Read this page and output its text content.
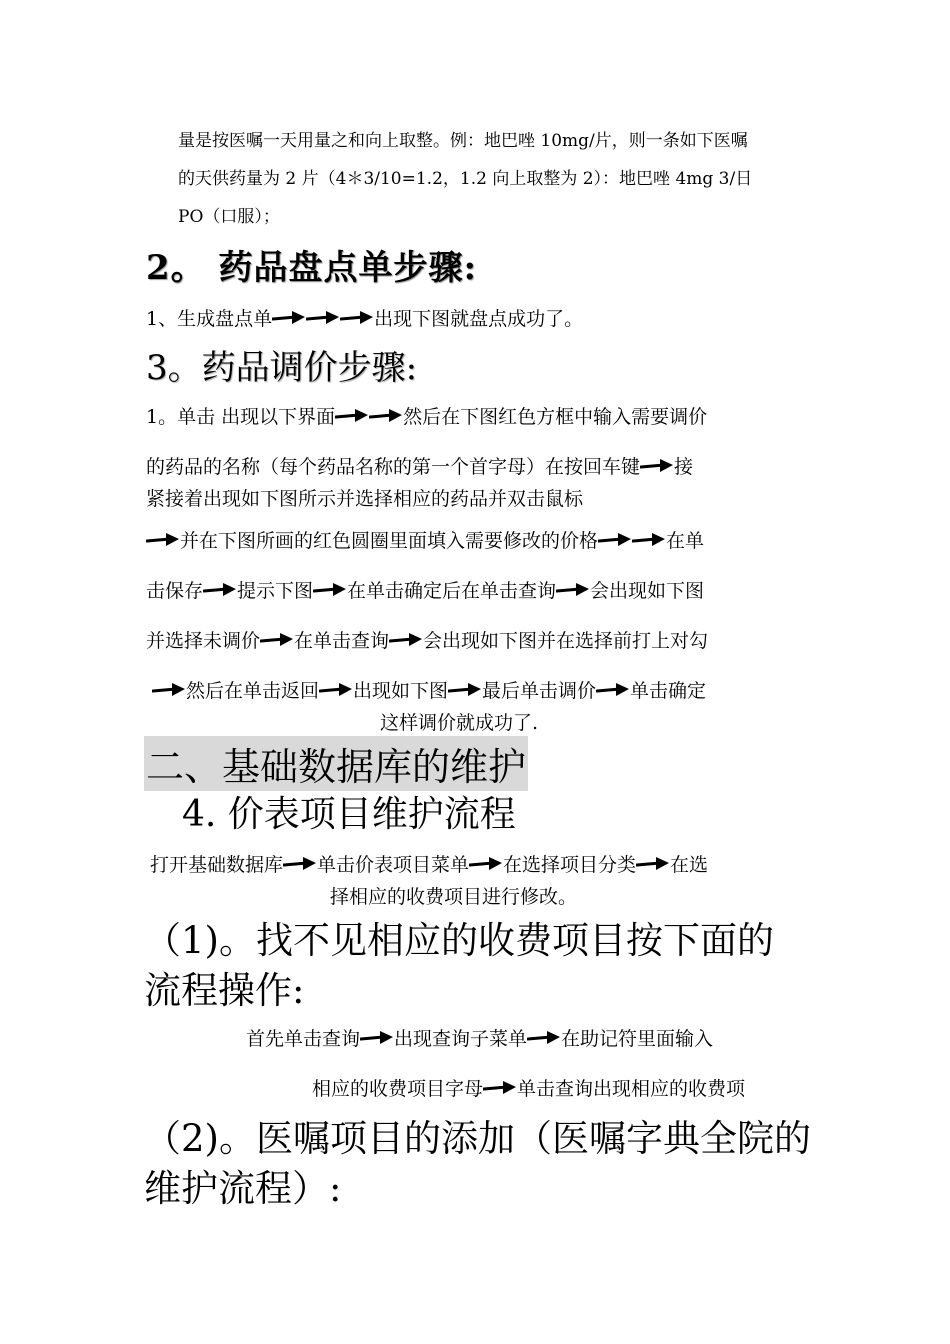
量是按医嘱一天用量之和向上取整。例：地巴唑 10mg/片，则一条如下医嘱
的天供药量为 2 片（4＊3/10=1.2，1.2 向上取整为 2）：地巴唑 4mg 3/日
PO（口服）；
2。 药品盘点单步骤:
1、生成盘点单	出现下图就盘点成功了。
3。药品调价步骤:
1。单击 出现以下界面	然后在下图红色方框中输入需要调价
的药品的名称（每个药品名称的第一个首字母）在按回车键 接
紧接着出现如下图所示并选择相应的药品并双击鼠标
并在下图所画的红色圆圈里面填入需要修改的价格	在单
击保存 提示下图 在单击确定后在单击查询 会出现如下图
并选择未调价 在单击查询 会出现如下图并在选择前打上对勾
然后在单击返回 出现如下图 最后单击调价 单击确定
这样调价就成功了.
二、基础数据库的维护
4. 价表项目维护流程
打开基础数据库 单击价表项目菜单 在选择项目分类 在选
择相应的收费项目进行修改。
（1)。找不见相应的收费项目按下面的
流程操作:
首先单击查询 出现查询子菜单 在助记符里面输入
相应的收费项目字母 单击查询出现相应的收费项
（2)。医嘱项目的添加（医嘱字典全院的
维护流程）:
